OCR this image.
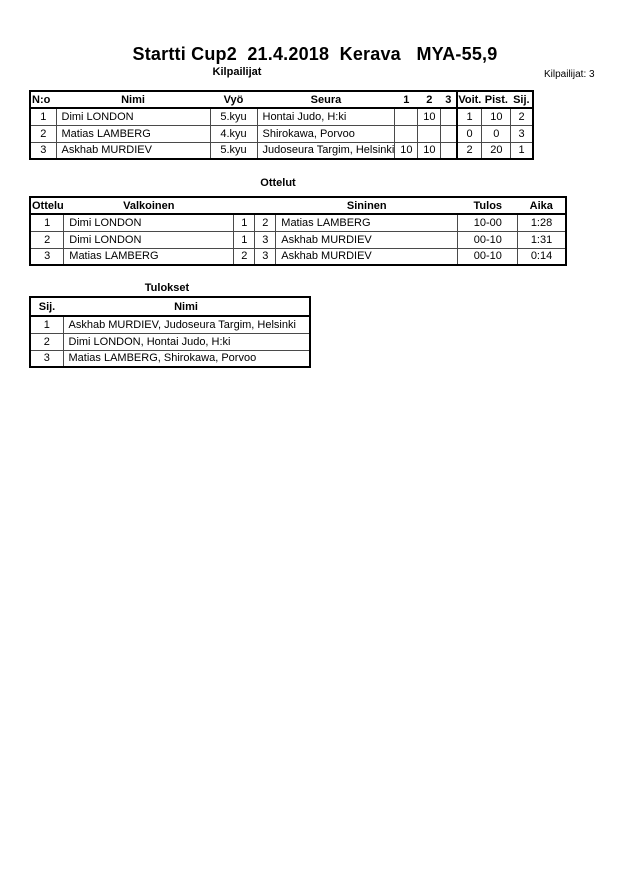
Startti Cup2  21.4.2018  Kerava   MYA-55,9
Kilpailijat	Kilpailijat: 3
N:o	Nimi	Vyö	Seura	1	2	3	Voit.	Pist.	Sij.
1	Dimi LONDON	5.kyu	Hontai Judo, H:ki		10		1	10	2
2	Matias LAMBERG	4.kyu	Shirokawa, Porvoo				0	0	3
3	Askhab MURDIEV	5.kyu	Judoseura Targim, Helsinki	10	10		2	20	1
Ottelut
Ottelu	Valkoinen			Sininen	Tulos	Aika
1	Dimi LONDON	1	2	Matias LAMBERG	10-00	1:28
2	Dimi LONDON	1	3	Askhab MURDIEV	00-10	1:31
3	Matias LAMBERG	2	3	Askhab MURDIEV	00-10	0:14
Tulokset
Sij.	Nimi
1	Askhab MURDIEV, Judoseura Targim, Helsinki
2	Dimi LONDON, Hontai Judo, H:ki
3	Matias LAMBERG, Shirokawa, Porvoo
